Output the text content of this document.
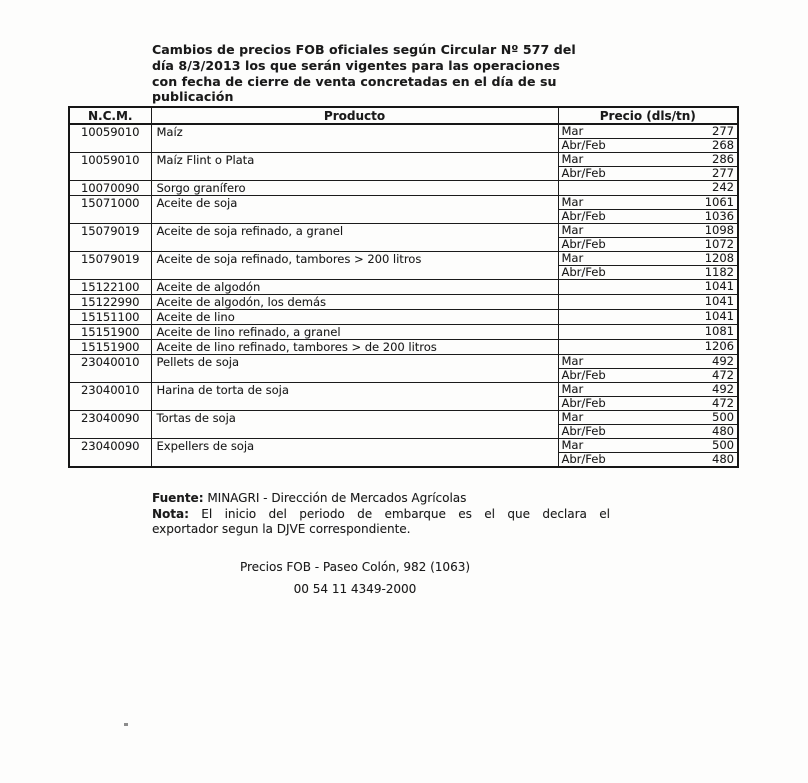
Cambios de precios FOB oficiales según Circular Nº 577 del
día 8/3/2013 los que serán vigentes para las operaciones
con fecha de cierre de venta concretadas en el día de su
publicación
N.C.M.	Producto	Precio (dls/tn)
10059010	Maíz	Mar 277

		Abr/Feb 268

10059010	Maíz Flint o Plata	Mar 286

		Abr/Feb 277

10070090	Sorgo granífero	242

15071000	Aceite de soja	Mar 1061

		Abr/Feb 1036

15079019	Aceite de soja refinado, a granel	Mar 1098

		Abr/Feb 1072

15079019	Aceite de soja refinado, tambores > 200 litros	Mar 1208

		Abr/Feb 1182

15122100	Aceite de algodón	1041

15122990	Aceite de algodón, los demás	1041

15151100	Aceite de lino	1041

15151900	Aceite de lino refinado, a granel	1081

15151900	Aceite de lino refinado, tambores > de 200 litros	1206

23040010	Pellets de soja	Mar 492

		Abr/Feb 472

23040010	Harina de torta de soja	Mar 492

		Abr/Feb 472

23040090	Tortas de soja	Mar 500

		Abr/Feb 480

23040090	Expellers de soja	Mar 500

		Abr/Feb 480
Fuente: MINAGRI - Dirección de Mercados Agrícolas
Nota: El inicio del periodo de embarque es el que declara el
exportador segun la DJVE correspondiente.
Precios FOB - Paseo Colón, 982 (1063)
00 54 11 4349-2000
